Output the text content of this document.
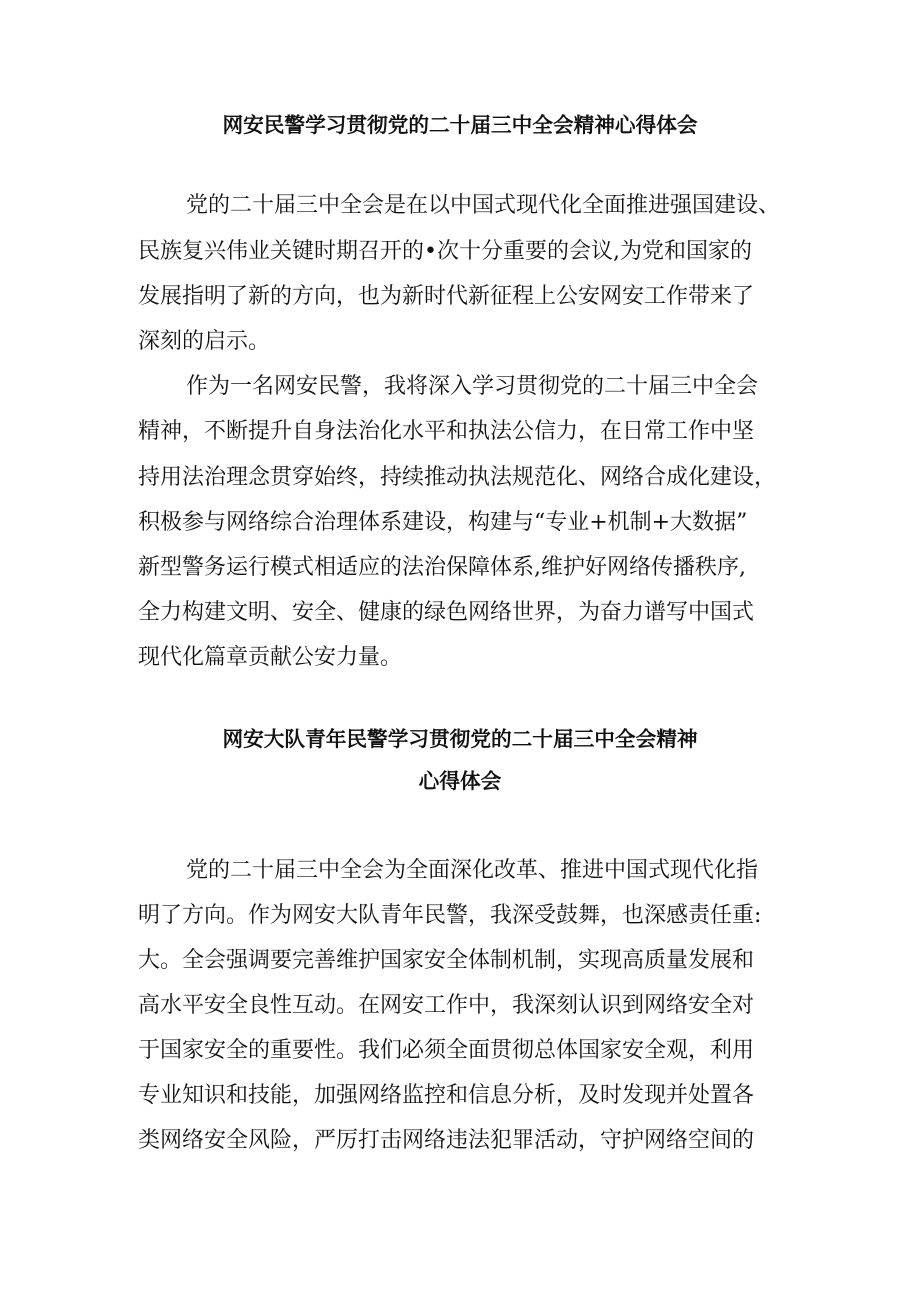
网安民警学习贯彻党的二十届三中全会精神心得体会
党的二十届三中全会是在以中国式现代化全面推进强国建设、
民族复兴伟业关键时期召开的•次十分重要的会议,为党和国家的
发展指明了新的方向，也为新时代新征程上公安网安工作带来了
深刻的启示。
作为一名网安民警，我将深入学习贯彻党的二十届三中全会
精神，不断提升自身法治化水平和执法公信力，在日常工作中坚
持用法治理念贯穿始终，持续推动执法规范化、网络合成化建设，
积极参与网络综合治理体系建设，构建与“专业+机制+大数据”
新型警务运行模式相适应的法治保障体系,维护好网络传播秩序,
全力构建文明、安全、健康的绿色网络世界，为奋力谱写中国式
现代化篇章贡献公安力量。
网安大队青年民警学习贯彻党的二十届三中全会精神
心得体会
党的二十届三中全会为全面深化改革、推进中国式现代化指
明了方向。作为网安大队青年民警，我深受鼓舞，也深感责任重:
大。全会强调要完善维护国家安全体制机制，实现高质量发展和
高水平安全良性互动。在网安工作中，我深刻认识到网络安全对
于国家安全的重要性。我们必须全面贯彻总体国家安全观，利用
专业知识和技能，加强网络监控和信息分析，及时发现并处置各
类网络安全风险，严厉打击网络违法犯罪活动，守护网络空间的
